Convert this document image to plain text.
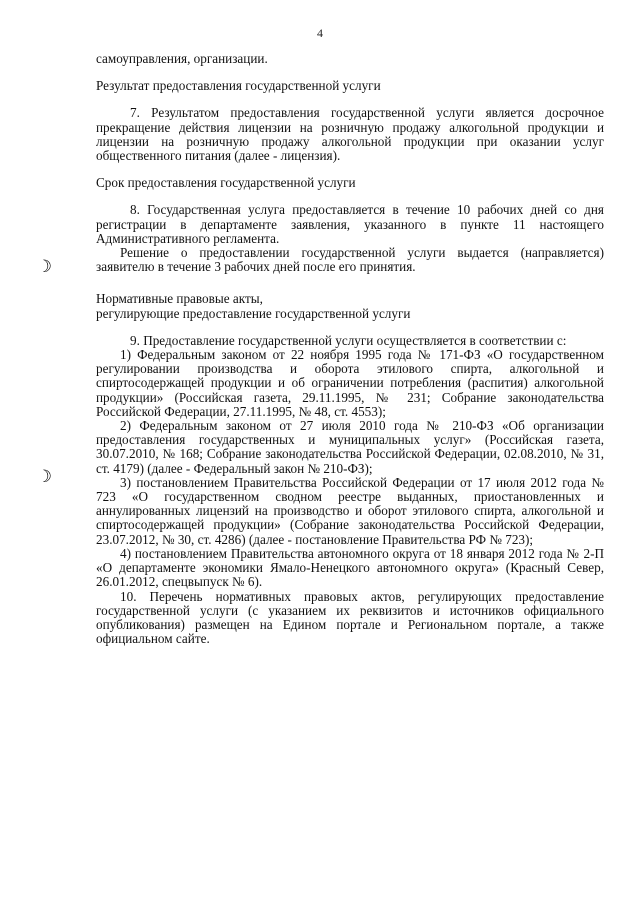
4
☾
☾

самоуправления, организации.

Результат предоставления государственной услуги

7. Результатом предоставления государственной услуги является досрочное прекращение действия лицензии на розничную продажу алкогольной продукции и лицензии на розничную продажу алкогольной продукции при оказании услуг общественного питания (далее - лицензия).

Срок предоставления государственной услуги

8. Государственная услуга предоставляется в течение 10 рабочих дней со дня регистрации в департаменте заявления, указанного в пункте 11 настоящего Административного регламента.

Решение о предоставлении государственной услуги выдается (направляется) заявителю в течение 3 рабочих дней после его принятия.

Нормативные правовые акты,

регулирующие предоставление государственной услуги

9. Предоставление государственной услуги осуществляется в соответствии с:

1) Федеральным законом от 22 ноября 1995 года № 171-ФЗ «О государственном регулировании производства и оборота этилового спирта, алкогольной и спиртосодержащей продукции и об ограничении потребления (распития) алкогольной продукции» (Российская газета, 29.11.1995, № 231; Собрание законодательства Российской Федерации, 27.11.1995, № 48, ст. 4553);

2) Федеральным законом от 27 июля 2010 года № 210-ФЗ «Об организации предоставления государственных и муниципальных услуг» (Российская газета, 30.07.2010, № 168; Собрание законодательства Российской Федерации, 02.08.2010, № 31, ст. 4179) (далее - Федеральный закон № 210-ФЗ);

3) постановлением Правительства Российской Федерации от 17 июля 2012 года № 723 «О государственном сводном реестре выданных, приостановленных и аннулированных лицензий на производство и оборот этилового спирта, алкогольной и спиртосодержащей продукции» (Собрание законодательства Российской Федерации, 23.07.2012, № 30, ст. 4286) (далее - постановление Правительства РФ № 723);

4) постановлением Правительства автономного округа от 18 января 2012 года № 2-П «О департаменте экономики Ямало-Ненецкого автономного округа» (Красный Север, 26.01.2012, спецвыпуск № 6).

10. Перечень нормативных правовых актов, регулирующих предоставление государственной услуги (с указанием их реквизитов и источников официального опубликования) размещен на Едином портале и Региональном портале, а также официальном сайте.
